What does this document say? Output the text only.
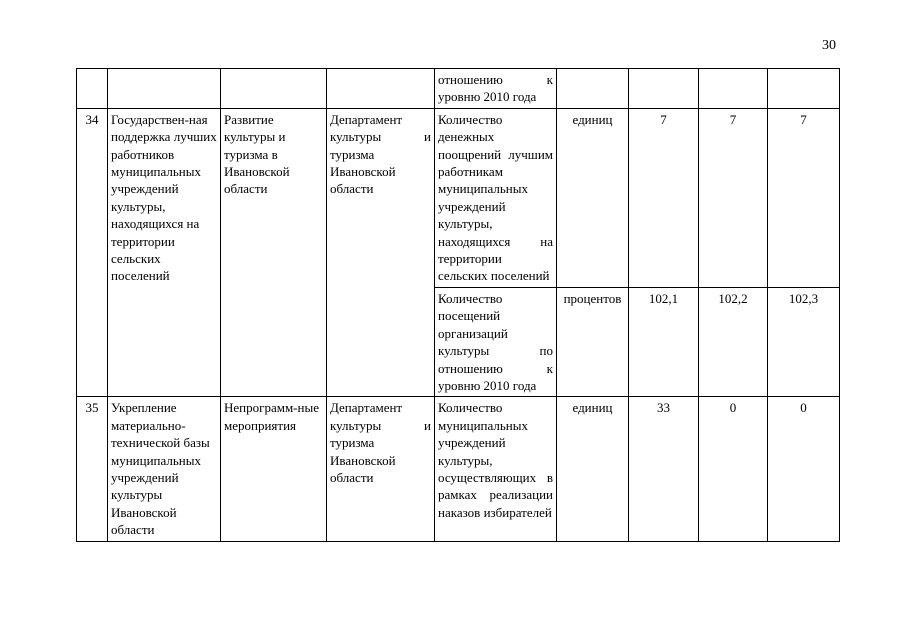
30
				отношению к уровню 2010 года				
34	Государствен-ная поддержка лучших работников муниципальных учреждений культуры, находящихся на территории сельских поселений	Развитие культуры и туризма в Ивановской области	Департамент культуры и туризма Ивановской области	Количество денежных поощрений лучшим работникам муниципальных учреждений культуры, находящихся на территории сельских поселений	единиц	7	7	7
				Количество посещений организаций культуры по отношению к уровню 2010 года	процентов	102,1	102,2	102,3
35	Укрепление материально-технической базы муниципальных учреждений культуры Ивановской области	Непрограмм-ные мероприятия	Департамент культуры и туризма Ивановской области	Количество муниципальных учреждений культуры, осуществляющих в рамках реализации наказов избирателей	единиц	33	0	0
